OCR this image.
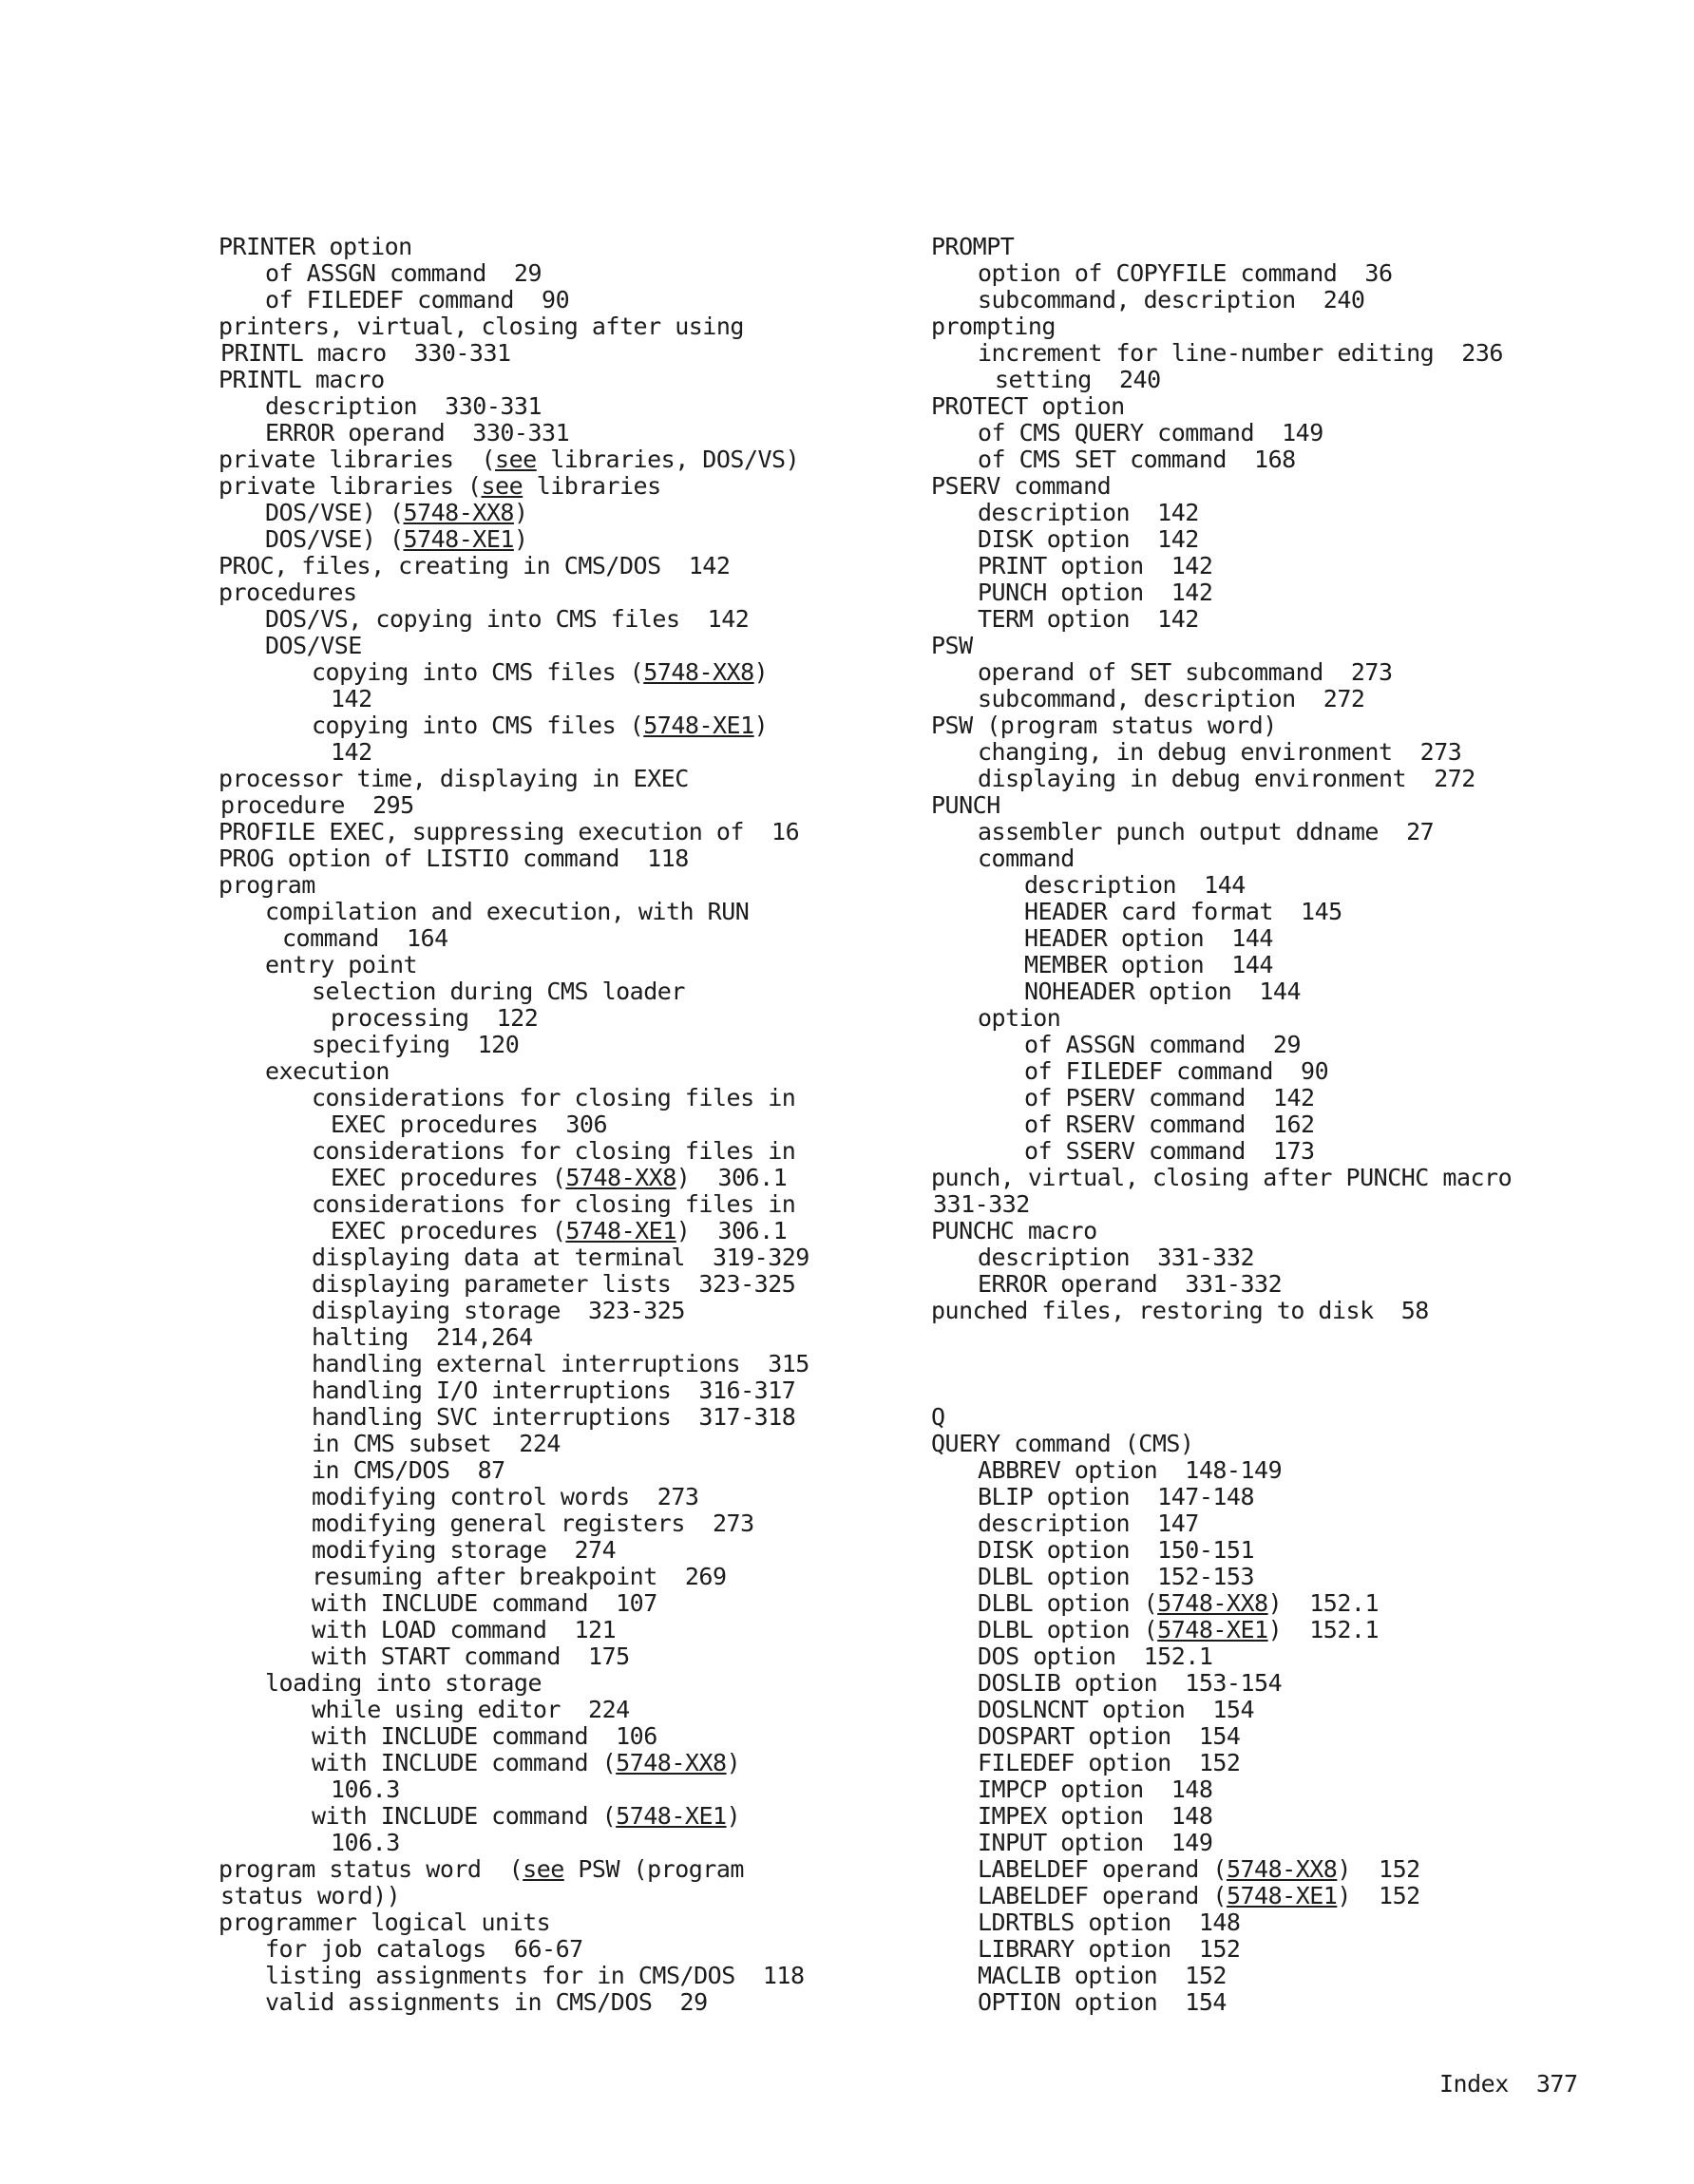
PRINTER option
of ASSGN command  29
of FILEDEF command  90
printers, virtual, closing after using
PRINTL macro  330-331
PRINTL macro
description  330-331
ERROR operand  330-331
private libraries  (see libraries, DOS/VS)
private libraries (see libraries
DOS/VSE) (5748-XX8)
DOS/VSE) (5748-XE1)
PROC, files, creating in CMS/DOS  142
procedures
DOS/VS, copying into CMS files  142
DOS/VSE
copying into CMS files (5748-XX8)
142
copying into CMS files (5748-XE1)
142
processor time, displaying in EXEC
procedure  295
PROFILE EXEC, suppressing execution of  16
PROG option of LISTIO command  118
program
compilation and execution, with RUN
command  164
entry point
selection during CMS loader
processing  122
specifying  120
execution
considerations for closing files in
EXEC procedures  306
considerations for closing files in
EXEC procedures (5748-XX8)  306.1
considerations for closing files in
EXEC procedures (5748-XE1)  306.1
displaying data at terminal  319-329
displaying parameter lists  323-325
displaying storage  323-325
halting  214,264
handling external interruptions  315
handling I/O interruptions  316-317
handling SVC interruptions  317-318
in CMS subset  224
in CMS/DOS  87
modifying control words  273
modifying general registers  273
modifying storage  274
resuming after breakpoint  269
with INCLUDE command  107
with LOAD command  121
with START command  175
loading into storage
while using editor  224
with INCLUDE command  106
with INCLUDE command (5748-XX8)
106.3
with INCLUDE command (5748-XE1)
106.3
program status word  (see PSW (program
status word))
programmer logical units
for job catalogs  66-67
listing assignments for in CMS/DOS  118
valid assignments in CMS/DOS  29
PROMPT
option of COPYFILE command  36
subcommand, description  240
prompting
increment for line-number editing  236
setting  240
PROTECT option
of CMS QUERY command  149
of CMS SET command  168
PSERV command
description  142
DISK option  142
PRINT option  142
PUNCH option  142
TERM option  142
PSW
operand of SET subcommand  273
subcommand, description  272
PSW (program status word)
changing, in debug environment  273
displaying in debug environment  272
PUNCH
assembler punch output ddname  27
command
description  144
HEADER card format  145
HEADER option  144
MEMBER option  144
NOHEADER option  144
option
of ASSGN command  29
of FILEDEF command  90
of PSERV command  142
of RSERV command  162
of SSERV command  173
punch, virtual, closing after PUNCHC macro
331-332
PUNCHC macro
description  331-332
ERROR operand  331-332
punched files, restoring to disk  58
Q
QUERY command (CMS)
ABBREV option  148-149
BLIP option  147-148
description  147
DISK option  150-151
DLBL option  152-153
DLBL option (5748-XX8)  152.1
DLBL option (5748-XE1)  152.1
DOS option  152.1
DOSLIB option  153-154
DOSLNCNT option  154
DOSPART option  154
FILEDEF option  152
IMPCP option  148
IMPEX option  148
INPUT option  149
LABELDEF operand (5748-XX8)  152
LABELDEF operand (5748-XE1)  152
LDRTBLS option  148
LIBRARY option  152
MACLIB option  152
OPTION option  154
Index  377
